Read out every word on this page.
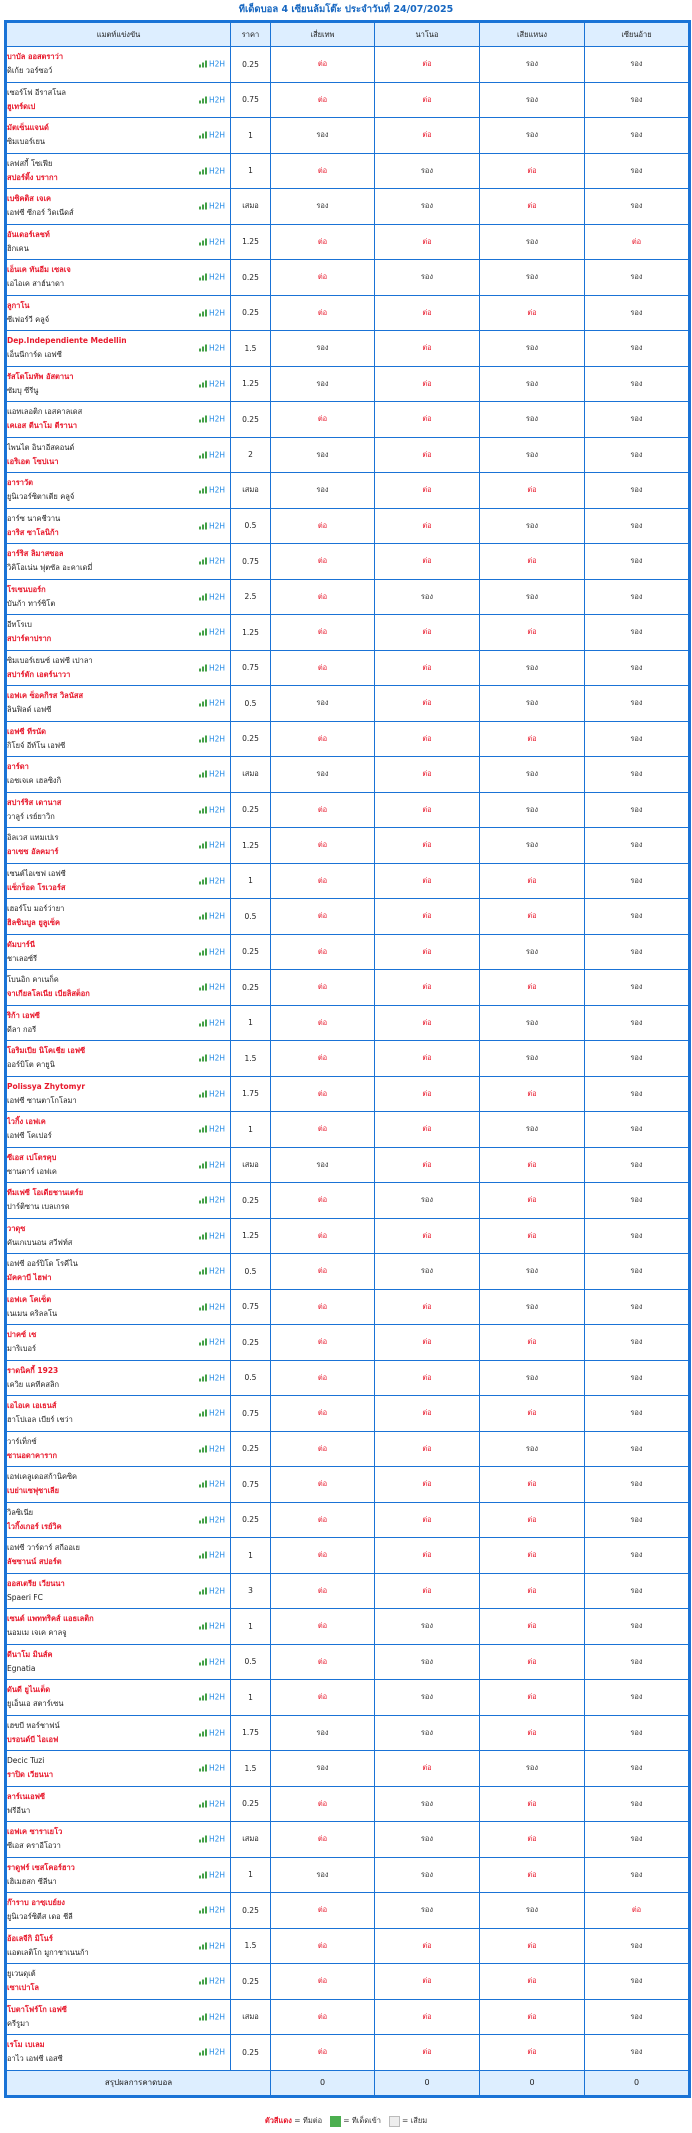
ทีเด็ดบอล 4 เซียนล้มโต๊ะ ประจำวันที่ 24/07/2025
แมตท์แข่งขัน	ราคา	เสี่ยเทพ	นาโนอ	เสียแหนง	เซียนอ้าย

บาบัล ออสตราว่า
ดิเก้ย วอร์ซอว์
H2H	0.25	ต่อ	ต่อ	รอง	รอง

เซอร์โฟ อีราสโนล
ฮูเทร์ดเป
H2H	0.75	ต่อ	ต่อ	รอง	รอง

มัตเซ็นแจนด์
ซิมเบอร์เยน
H2H	1	รอง	ต่อ	รอง	รอง

เลฟสกี้ โซเฟีย
สปอร์ติ้ง บรากา
H2H	1	ต่อ	รอง	ต่อ	รอง

เบซิคติส เจเค
เอฟซี ซีกอร์ วิดเนีดส์
H2H	เสมอ	รอง	รอง	ต่อ	รอง

อันเดอร์เลชท์
ฮิกเคน
H2H	1.25	ต่อ	ต่อ	รอง	ต่อ

เอ็นเค ทันอีม เซลเจ
เอไอเค สาฮ์นาดา
H2H	0.25	ต่อ	รอง	รอง	รอง

ลูกาโน
ซีเฟอร์วี คลูจ์
H2H	0.25	ต่อ	ต่อ	ต่อ	รอง

Dep.Independiente Medellin
เอ็นนีการ์ด เอฟซี
H2H	1.5	รอง	ต่อ	รอง	รอง

รัสโตโมทัพ อัสตานา
ซัมบุ ซีรีนู
H2H	1.25	รอง	ต่อ	รอง	รอง

แอทเลอติก เอสคาลเดส
เคเอส ตีนาโม ตีรานา
H2H	0.25	ต่อ	ต่อ	รอง	รอง

ไพนไต อินาอีสคอนด์
เอริเอต โซปเนา
H2H	2	รอง	ต่อ	รอง	รอง

อาราวัต
ยูนิเวอร์ซิตาเตีย คลูจ์
H2H	เสมอ	รอง	ต่อ	ต่อ	รอง

อาร์ซ นาคชีวาน
อาริส ซาโลนิก้า
H2H	0.5	ต่อ	ต่อ	รอง	รอง

อาร์ริส ลิมาสซอล
วิคิโอเน่น ฟุตซัล อะคาเดมี่
H2H	0.75	ต่อ	ต่อ	ต่อ	รอง

โรเซนบอร์ก
บันก้า ทาร์ซิโต
H2H	2.5	ต่อ	รอง	รอง	รอง

อีทโรเบ
สปาร์ตาปราก
H2H	1.25	ต่อ	ต่อ	ต่อ	รอง

ซิมเบอร์เยนซ์ เอฟซี เปาลา
สปาร์ตัก เอตร์นาวา
H2H	0.75	ต่อ	ต่อ	รอง	รอง

เอฟเค ซ็อคกิรส วิลนัสส
ลินฟิลด์ เอฟซี
H2H	0.5	รอง	ต่อ	รอง	รอง

เอฟซี ทีรนัด
กิโยจ์ อีท์โน เอฟซี
H2H	0.25	ต่อ	ต่อ	ต่อ	รอง

อาร์ดา
เอชเจเค เฮลซิงกิ
H2H	เสมอ	รอง	ต่อ	รอง	รอง

สปาร์ริส เดานาส
วาลูร์ เรย์ยาวิก
H2H	0.25	ต่อ	ต่อ	รอง	รอง

อิลเวส แทมเปเร
อาเซซ อัลคมาร์
H2H	1.25	ต่อ	ต่อ	รอง	รอง

เซนต์ไอเซฟ เอฟซี
แซ็กร็อด โรเวอร์ส
H2H	1	ต่อ	ต่อ	ต่อ	รอง

เฮอร์โบ มอร์ว่ายา
ฮิลชินบูล ยูลูเซ็ค
H2H	0.5	ต่อ	ต่อ	ต่อ	รอง

ดัมบาร์นี
ชาเลอซ์รี
H2H	0.25	ต่อ	ต่อ	รอง	รอง

โบนอิก คาเนก็ค
จาเกียลโลเนีย เบียลิสต็อก
H2H	0.25	ต่อ	ต่อ	ต่อ	รอง

ริก้า เอฟซี
ดีลา กอรี
H2H	1	ต่อ	ต่อ	รอง	รอง

โอริมเปีย นิโคเชีย เอฟซี
ออร์บิโต คายูนิ
H2H	1.5	ต่อ	ต่อ	รอง	รอง

Polissya Zhytomyr
เอฟซี ซานตาโกโลมา
H2H	1.75	ต่อ	ต่อ	ต่อ	รอง

ไวกิ้ง เอฟเค
เอฟซี โคเปอร์
H2H	1	ต่อ	ต่อ	รอง	รอง

ซีเอส เปโตรคุบ
ซานดาร์ เอฟเค
H2H	เสมอ	รอง	ต่อ	ต่อ	รอง

ทีมเฟซี โอเดียชานเตร์ย
ปาร์ติซาน เบลเกรด
H2H	0.25	ต่อ	รอง	ต่อ	รอง

วาดุซ
คันเกเบนอน สวีฟท์ส
H2H	1.25	ต่อ	ต่อ	ต่อ	รอง

เอฟซี ออร์ปิโด โรคีไน
มัคคาบี ไฮฟา
H2H	0.5	ต่อ	รอง	รอง	รอง

เอฟเค โคเซ็ต
เนเมน คริลลโน
H2H	0.75	ต่อ	ต่อ	รอง	รอง

ปาคซ์ เซ
มาริเบอร์
H2H	0.25	ต่อ	ต่อ	ต่อ	รอง

ราดนิคกี้ 1923
เควิย แคทีคสลิก
H2H	0.5	ต่อ	ต่อ	รอง	รอง

เอไอเค เอเธนส์
ฮาโปเอล เบียร์ เชว่า
H2H	0.75	ต่อ	ต่อ	ต่อ	รอง

วาร์เท็กซ์
ซานอดาคาราก
H2H	0.25	ต่อ	ต่อ	รอง	รอง

เอฟเคลูเดอสก้านิคซิค
เบย่าแซฟุซาเลีย
H2H	0.75	ต่อ	ต่อ	ต่อ	รอง

วิลซิเนีย
ไวกิ้งเกอร์ เรย์วิค
H2H	0.25	ต่อ	ต่อ	ต่อ	รอง

เอฟซี วาร์ดาร์ สกีออเย
ลัชซานน์ สปอร์ต
H2H	1	ต่อ	ต่อ	ต่อ	รอง

ออสเตรีย เวียนนา
Spaeri FC
H2H	3	ต่อ	ต่อ	ต่อ	รอง

เซนต์ แพททริคส์ แอธเลติก
นอมเม เจเค คาลจู
H2H	1	ต่อ	รอง	ต่อ	รอง

ดีนาโม มินส์ค
Egnatia
H2H	0.5	ต่อ	รอง	ต่อ	รอง

ดันดี ยูไนเต็ด
ยูเอ็นเอ สตาร์เซน
H2H	1	ต่อ	รอง	ต่อ	รอง

เฮขบี หอร์ชาฟน์
บรอนด์บี ไอเอฟ
H2H	1.75	รอง	รอง	ต่อ	รอง

Decic Tuzi
ราปิด เวียนนา
H2H	1.5	รอง	ต่อ	รอง	รอง

ลาร์เนเอฟซี
ฟรีอีนา
H2H	0.25	ต่อ	รอง	ต่อ	รอง

เอฟเค ซาราเยโว
ซีเอส คราอีโอวา
H2H	เสมอ	ต่อ	รอง	ต่อ	รอง

ราดูฟร์ เซสโคอร์ฮาว
เฮิเมฮสก ซีลีนา
H2H	1	รอง	รอง	ต่อ	รอง

ก๊าราบ อาซฺเบย์ยง
ยูนิเวอร์ซิตีส เดอ ชีลี
H2H	0.25	ต่อ	รอง	รอง	ต่อ

อ้อเลจีกิ มิโนร์
แอตเลติโก มูกาชาเนนก้า
H2H	1.5	ต่อ	ต่อ	ต่อ	รอง

ยูเวนดุเต้
เซาเปาโล
H2H	0.25	ต่อ	ต่อ	ต่อ	รอง

โบตาโฟร์โก เอฟซี
ครีรูมา
H2H	เสมอ	ต่อ	ต่อ	ต่อ	รอง

เรโม เบเลม
อาไว เอฟซี เอสซี
H2H	0.25	ต่อ	ต่อ	ต่อ	รอง
สรุปผลการคาดบอล		0	0	0	0
ตัวสีแดง = ทีมต่อ	= ทีเด็ดเข้า	= เสียม
